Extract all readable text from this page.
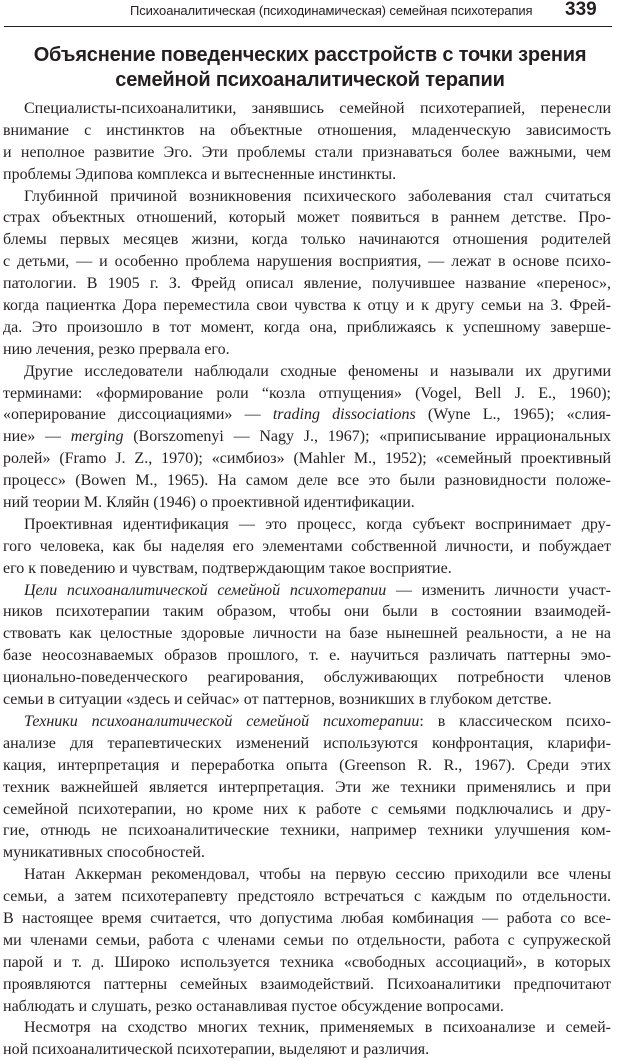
Психоаналитическая (психодинамическая) семейная психотерапия 339
Объяснение поведенческих расстройств с точки зрения
семейной психоаналитической терапии
Специалисты-психоаналитики, занявшись семейной психотерапией, перенесли
внимание с инстинктов на объектные отношения, младенческую зависимость
и неполное развитие Эго. Эти проблемы стали признаваться более важными, чем
проблемы Эдипова комплекса и вытесненные инстинкты.
Глубинной причиной возникновения психического заболевания стал считаться
страх объектных отношений, который может появиться в раннем детстве. Про-
блемы первых месяцев жизни, когда только начинаются отношения родителей
с детьми, — и особенно проблема нарушения восприятия, — лежат в основе психо-
патологии. В 1905 г. З. Фрейд описал явление, получившее название «перенос»,
когда пациентка Дора переместила свои чувства к отцу и к другу семьи на З. Фрей-
да. Это произошло в тот момент, когда она, приближаясь к успешному заверше-
нию лечения, резко прервала его.
Другие исследователи наблюдали сходные феномены и называли их другими
терминами: «формирование роли “козла отпущения» (Vogel, Bell J. E., 1960);
«оперирование диссоциациями» — trading dissociations (Wyne L., 1965); «слия-
ние» — merging (Borszomenyi — Nagy J., 1967); «приписывание иррациональных
ролей» (Framo J. Z., 1970); «симбиоз» (Mahler M., 1952); «семейный проективный
процесс» (Bowen M., 1965). На самом деле все это были разновидности положе-
ний теории М. Кляйн (1946) о проективной идентификации.
Проективная идентификация — это процесс, когда субъект воспринимает дру-
гого человека, как бы наделяя его элементами собственной личности, и побуждает
его к поведению и чувствам, подтверждающим такое восприятие.
Цели психоаналитической семейной психотерапии — изменить личности участ-
ников психотерапии таким образом, чтобы они были в состоянии взаимодей-
ствовать как целостные здоровые личности на базе нынешней реальности, а не на
базе неосознаваемых образов прошлого, т. е. научиться различать паттерны эмо-
ционально-поведенческого реагирования, обслуживающих потребности членов
семьи в ситуации «здесь и сейчас» от паттернов, возникших в глубоком детстве.
Техники психоаналитической семейной психотерапии: в классическом психо-
анализе для терапевтических изменений используются конфронтация, кларифи-
кация, интерпретация и переработка опыта (Greenson R. R., 1967). Среди этих
техник важнейшей является интерпретация. Эти же техники применялись и при
семейной психотерапии, но кроме них к работе с семьями подключались и дру-
гие, отнюдь не психоаналитические техники, например техники улучшения ком-
муникативных способностей.
Натан Аккерман рекомендовал, чтобы на первую сессию приходили все члены
семьи, а затем психотерапевту предстояло встречаться с каждым по отдельности.
В настоящее время считается, что допустима любая комбинация — работа со все-
ми членами семьи, работа с членами семьи по отдельности, работа с супружеской
парой и т. д. Широко используется техника «свободных ассоциаций», в которых
проявляются паттерны семейных взаимодействий. Психоаналитики предпочитают
наблюдать и слушать, резко останавливая пустое обсуждение вопросами.
Несмотря на сходство многих техник, применяемых в психоанализе и семей-
ной психоаналитической психотерапии, выделяют и различия.
